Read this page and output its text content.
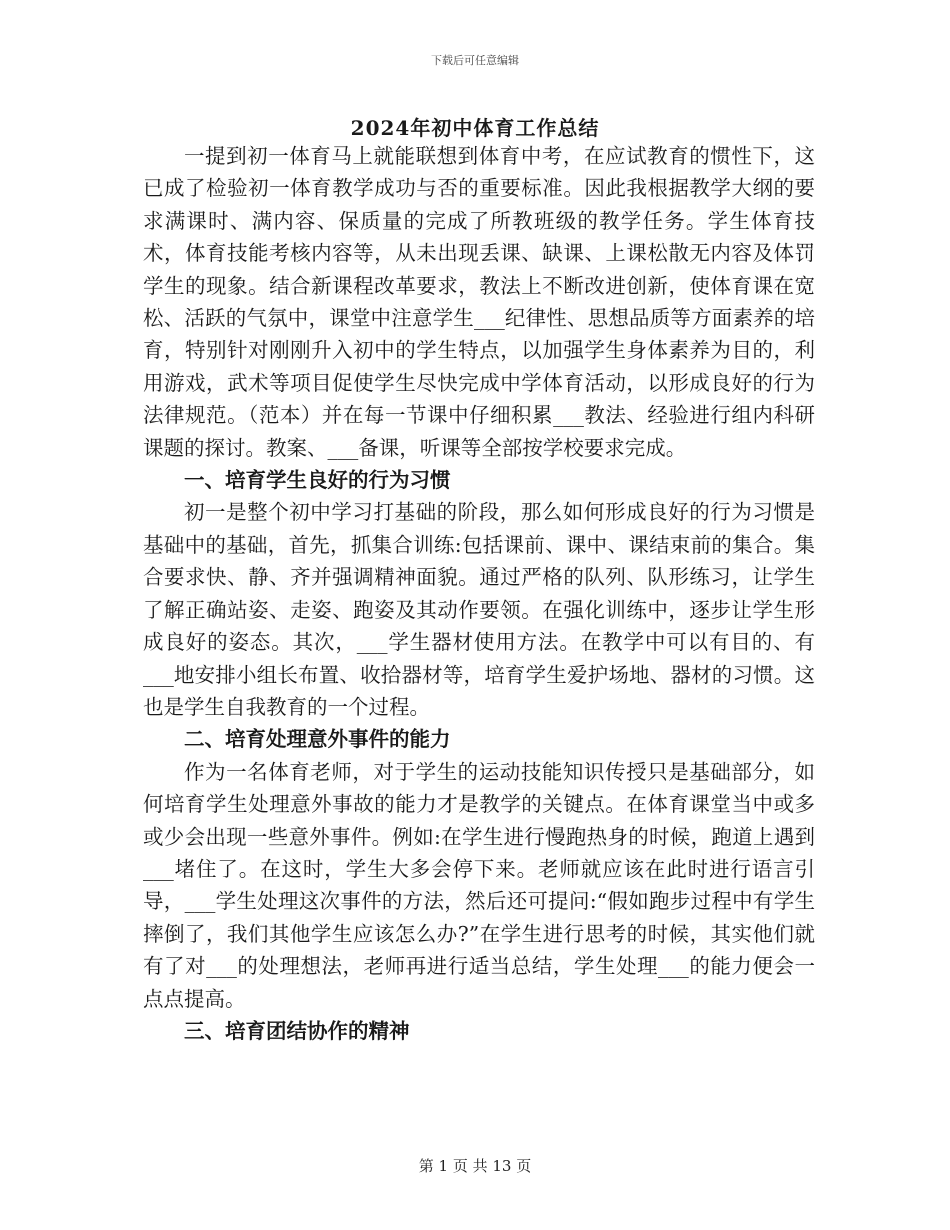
下载后可任意编辑
2024年初中体育工作总结

一提到初一体育马上就能联想到体育中考，在应试教育的惯性下，这已成了检验初一体育教学成功与否的重要标准。因此我根据教学大纲的要求满课时、满内容、保质量的完成了所教班级的教学任务。学生体育技术，体育技能考核内容等，从未出现丢课、缺课、上课松散无内容及体罚学生的现象。结合新课程改革要求，教法上不断改进创新，使体育课在宽松、活跃的气氛中，课堂中注意学生___纪律性、思想品质等方面素养的培育，特别针对刚刚升入初中的学生特点，以加强学生身体素养为目的，利用游戏，武术等项目促使学生尽快完成中学体育活动，以形成良好的行为法律规范。（范本）并在每一节课中仔细积累___教法、经验进行组内科研课题的探讨。教案、___备课，听课等全部按学校要求完成。

一、培育学生良好的行为习惯

初一是整个初中学习打基础的阶段，那么如何形成良好的行为习惯是基础中的基础，首先，抓集合训练:包括课前、课中、课结束前的集合。集合要求快、静、齐并强调精神面貌。通过严格的队列、队形练习，让学生了解正确站姿、走姿、跑姿及其动作要领。在强化训练中，逐步让学生形成良好的姿态。其次，___学生器材使用方法。在教学中可以有目的、有___地安排小组长布置、收拾器材等，培育学生爱护场地、器材的习惯。这也是学生自我教育的一个过程。

二、培育处理意外事件的能力

作为一名体育老师，对于学生的运动技能知识传授只是基础部分，如何培育学生处理意外事故的能力才是教学的关键点。在体育课堂当中或多或少会出现一些意外事件。例如:在学生进行慢跑热身的时候，跑道上遇到___堵住了。在这时，学生大多会停下来。老师就应该在此时进行语言引导，___学生处理这次事件的方法，然后还可提问:“假如跑步过程中有学生摔倒了，我们其他学生应该怎么办?”在学生进行思考的时候，其实他们就有了对___的处理想法，老师再进行适当总结，学生处理___的能力便会一点点提高。

三、培育团结协作的精神
第 1 页 共 13 页
